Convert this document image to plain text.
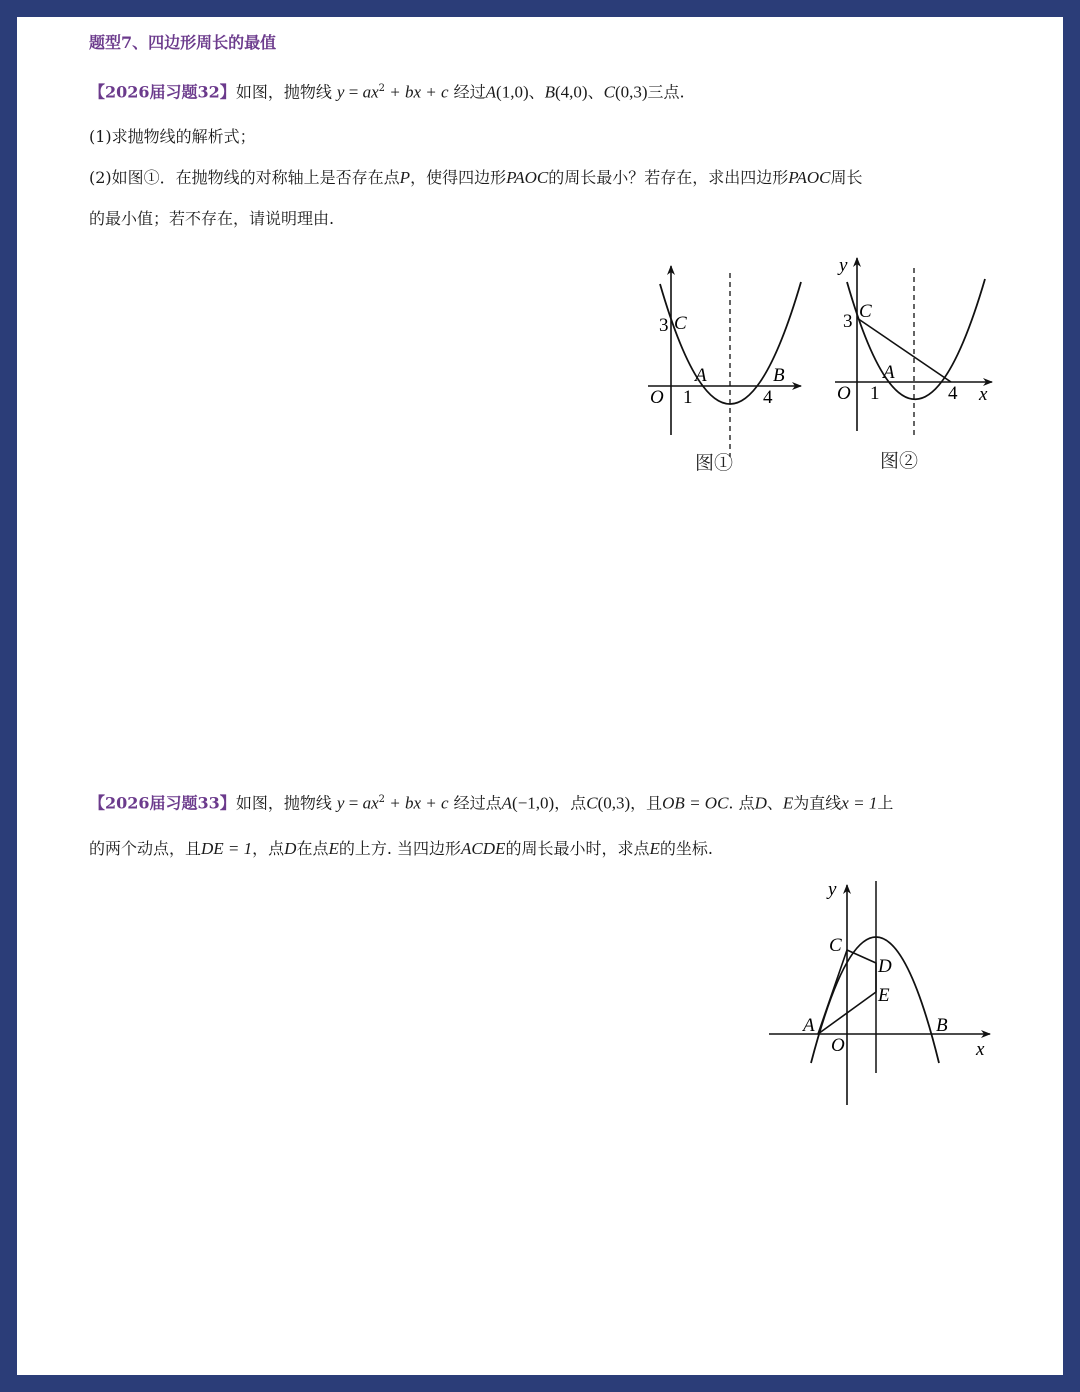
题型7、四边形周长的最值
【2026届习题32】如图，抛物线 $y = ax^2$ + bx + c 经过A(1,0)、B(4,0)、C(0,3)三点.
(1)求抛物线的解析式；
(2)如图①．在抛物线的对称轴上是否存在点P，使得四边形PAOC的周长最小？若存在，求出四边形PAOC周长
的最小值；若不存在，请说明理由.
3 C
A	B
O 1	4
图①
y
3 C
A
O 1	4 x
图②
【2026届习题33】如图，抛物线 $y = ax^2$ + bx + c 经过点A(−1,0)，点C(0,3)，且OB = OC. 点D、E为直线x = 1上
的两个动点，且DE = 1，点D在点E的上方. 当四边形ACDE的周长最小时，求点E的坐标.
y
C
D
E
A
O
B
x
